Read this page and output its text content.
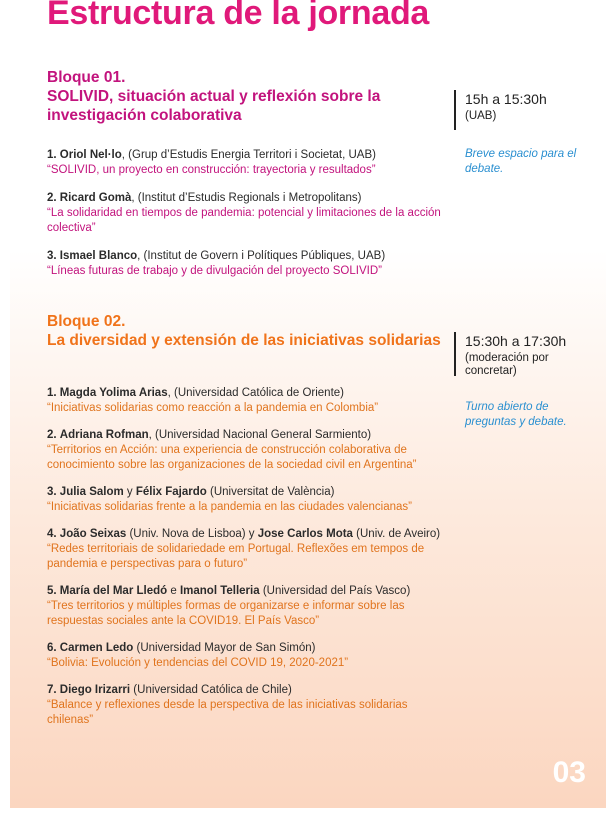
Estructura de la jornada

Bloque 01.

SOLIVID, situación actual y reflexión sobre la investigación colaborativa

15h a 15:30h

(UAB)

Breve espacio para el debate.

1. Oriol Nel·lo, (Grup d’Estudis Energia Territori i Societat, UAB)
“SOLIVID, un proyecto en construcción: trayectoria y resultados”

2. Ricard Gomà, (Institut d’Estudis Regionals i Metropolitans)
“La solidaridad en tiempos de pandemia: potencial y limitaciones de la acción colectiva”

3. Ismael Blanco, (Institut de Govern i Polítiques Públiques, UAB)
“Líneas futuras de trabajo y de divulgación del proyecto SOLIVID”

Bloque 02.

La diversidad y extensión de las iniciativas solidarias	15:30h a 17:30h

(moderación por concretar)

Turno abierto de preguntas y debate.

1. Magda Yolima Arias, (Universidad Católica de Oriente)
“Iniciativas solidarias como reacción a la pandemia en Colombia”

2. Adriana Rofman, (Universidad Nacional General Sarmiento)
“Territorios en Acción: una experiencia de construcción colaborativa de conocimiento sobre las organizaciones de la sociedad civil en Argentina”

3. Julia Salom y Félix Fajardo (Universitat de València)
“Iniciativas solidarias frente a la pandemia en las ciudades valencianas”

4. João Seixas (Univ. Nova de Lisboa) y Jose Carlos Mota (Univ. de Aveiro)
“Redes territoriais de solidariedade em Portugal. Reflexões em tempos de pandemia e perspectivas para o futuro”

5. María del Mar Lledó e Imanol Telleria (Universidad del País Vasco)
“Tres territorios y múltiples formas de organizarse e informar sobre las respuestas sociales ante la COVID19. El País Vasco”

6. Carmen Ledo (Universidad Mayor de San Simón)
“Bolivia: Evolución y tendencias del COVID 19, 2020-2021”

7. Diego Irizarri (Universidad Católica de Chile)
“Balance y reflexiones desde la perspectiva de las iniciativas solidarias chilenas”

03
